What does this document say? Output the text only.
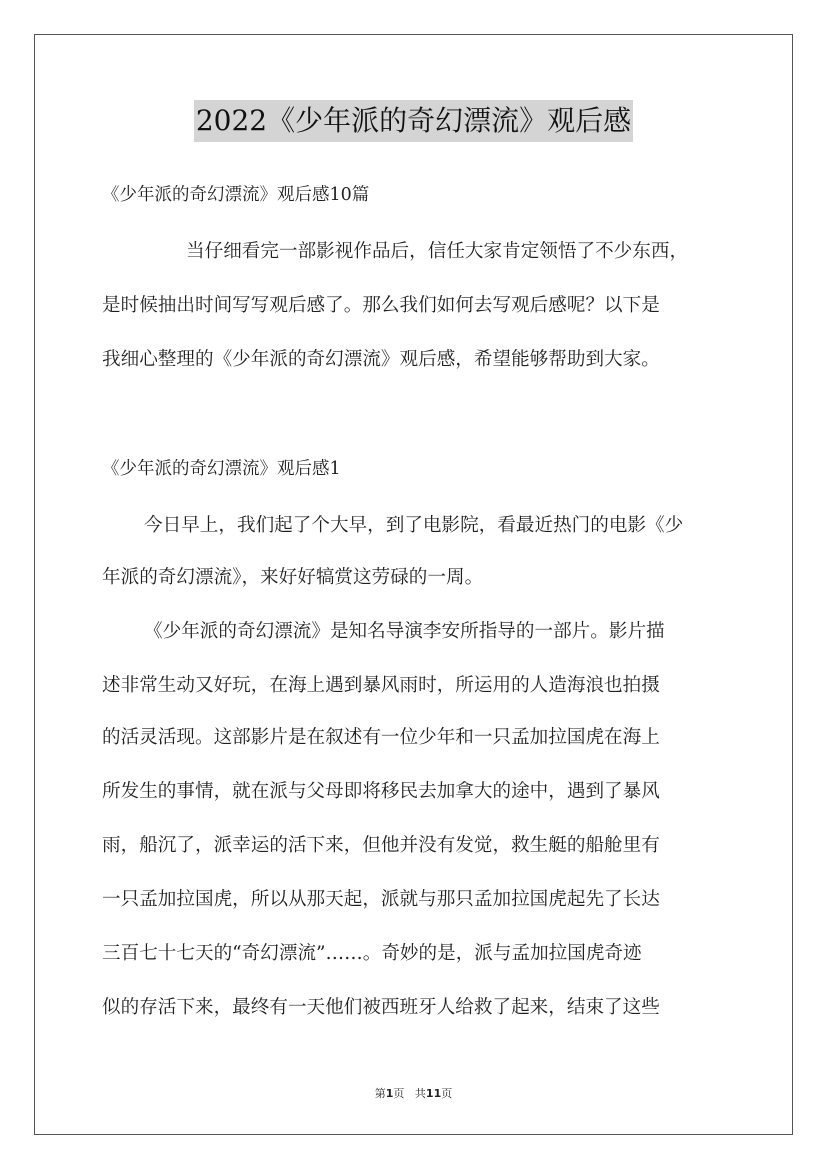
2022《少年派的奇幻漂流》观后感
《少年派的奇幻漂流》观后感10篇
当仔细看完一部影视作品后，信任大家肯定领悟了不少东西，
是时候抽出时间写写观后感了。那么我们如何去写观后感呢？以下是
我细心整理的《少年派的奇幻漂流》观后感，希望能够帮助到大家。
《少年派的奇幻漂流》观后感1
今日早上，我们起了个大早，到了电影院，看最近热门的电影《少
年派的奇幻漂流》，来好好犒赏这劳碌的一周。
《少年派的奇幻漂流》是知名导演李安所指导的一部片。影片描
述非常生动又好玩，在海上遇到暴风雨时，所运用的人造海浪也拍摄
的活灵活现。这部影片是在叙述有一位少年和一只孟加拉国虎在海上
所发生的事情，就在派与父母即将移民去加拿大的途中，遇到了暴风
雨，船沉了，派幸运的活下来，但他并没有发觉，救生艇的船舱里有
一只孟加拉国虎，所以从那天起，派就与那只孟加拉国虎起先了长达
三百七十七天的“奇幻漂流”……。奇妙的是，派与孟加拉国虎奇迹
似的存活下来，最终有一天他们被西班牙人给救了起来，结束了这些
第1页 共11页
